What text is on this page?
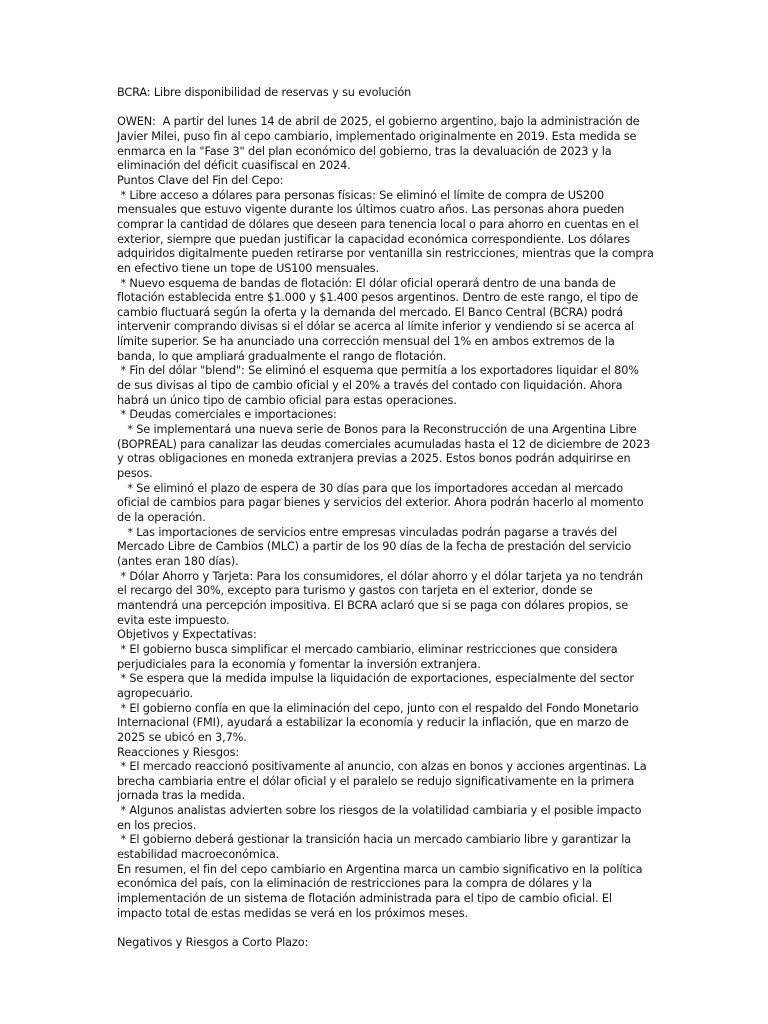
BCRA: Libre disponibilidad de reservas y su evolución

OWEN:  A partir del lunes 14 de abril de 2025, el gobierno argentino, bajo la administración de Javier Milei, puso fin al cepo cambiario, implementado originalmente en 2019. Esta medida se enmarca en la "Fase 3" del plan económico del gobierno, tras la devaluación de 2023 y la eliminación del déficit cuasifiscal en 2024.

Puntos Clave del Fin del Cepo:

* Libre acceso a dólares para personas físicas: Se eliminó el límite de compra de US200 mensuales que estuvo vigente durante los últimos cuatro años. Las personas ahora pueden comprar la cantidad de dólares que deseen para tenencia local o para ahorro en cuentas en el exterior, siempre que puedan justificar la capacidad económica correspondiente. Los dólares adquiridos digitalmente pueden retirarse por ventanilla sin restricciones, mientras que la compra en efectivo tiene un tope de US100 mensuales.

* Nuevo esquema de bandas de flotación: El dólar oficial operará dentro de una banda de flotación establecida entre $1.000 y $1.400 pesos argentinos. Dentro de este rango, el tipo de cambio fluctuará según la oferta y la demanda del mercado. El Banco Central (BCRA) podrá intervenir comprando divisas si el dólar se acerca al límite inferior y vendiendo si se acerca al límite superior. Se ha anunciado una corrección mensual del 1% en ambos extremos de la banda, lo que ampliará gradualmente el rango de flotación.

* Fin del dólar "blend": Se eliminó el esquema que permitía a los exportadores liquidar el 80% de sus divisas al tipo de cambio oficial y el 20% a través del contado con liquidación. Ahora habrá un único tipo de cambio oficial para estas operaciones.

* Deudas comerciales e importaciones:

* Se implementará una nueva serie de Bonos para la Reconstrucción de una Argentina Libre (BOPREAL) para canalizar las deudas comerciales acumuladas hasta el 12 de diciembre de 2023 y otras obligaciones en moneda extranjera previas a 2025. Estos bonos podrán adquirirse en pesos.

* Se eliminó el plazo de espera de 30 días para que los importadores accedan al mercado oficial de cambios para pagar bienes y servicios del exterior. Ahora podrán hacerlo al momento de la operación.

* Las importaciones de servicios entre empresas vinculadas podrán pagarse a través del Mercado Libre de Cambios (MLC) a partir de los 90 días de la fecha de prestación del servicio (antes eran 180 días).

* Dólar Ahorro y Tarjeta: Para los consumidores, el dólar ahorro y el dólar tarjeta ya no tendrán el recargo del 30%, excepto para turismo y gastos con tarjeta en el exterior, donde se mantendrá una percepción impositiva. El BCRA aclaró que si se paga con dólares propios, se evita este impuesto.

Objetivos y Expectativas:

* El gobierno busca simplificar el mercado cambiario, eliminar restricciones que considera perjudiciales para la economía y fomentar la inversión extranjera.

* Se espera que la medida impulse la liquidación de exportaciones, especialmente del sector agropecuario.

* El gobierno confía en que la eliminación del cepo, junto con el respaldo del Fondo Monetario Internacional (FMI), ayudará a estabilizar la economía y reducir la inflación, que en marzo de 2025 se ubicó en 3,7%.

Reacciones y Riesgos:

* El mercado reaccionó positivamente al anuncio, con alzas en bonos y acciones argentinas. La brecha cambiaria entre el dólar oficial y el paralelo se redujo significativamente en la primera jornada tras la medida.

* Algunos analistas advierten sobre los riesgos de la volatilidad cambiaria y el posible impacto en los precios.

* El gobierno deberá gestionar la transición hacia un mercado cambiario libre y garantizar la estabilidad macroeconómica.

En resumen, el fin del cepo cambiario en Argentina marca un cambio significativo en la política económica del país, con la eliminación de restricciones para la compra de dólares y la implementación de un sistema de flotación administrada para el tipo de cambio oficial. El impacto total de estas medidas se verá en los próximos meses.

Negativos y Riesgos a Corto Plazo:
